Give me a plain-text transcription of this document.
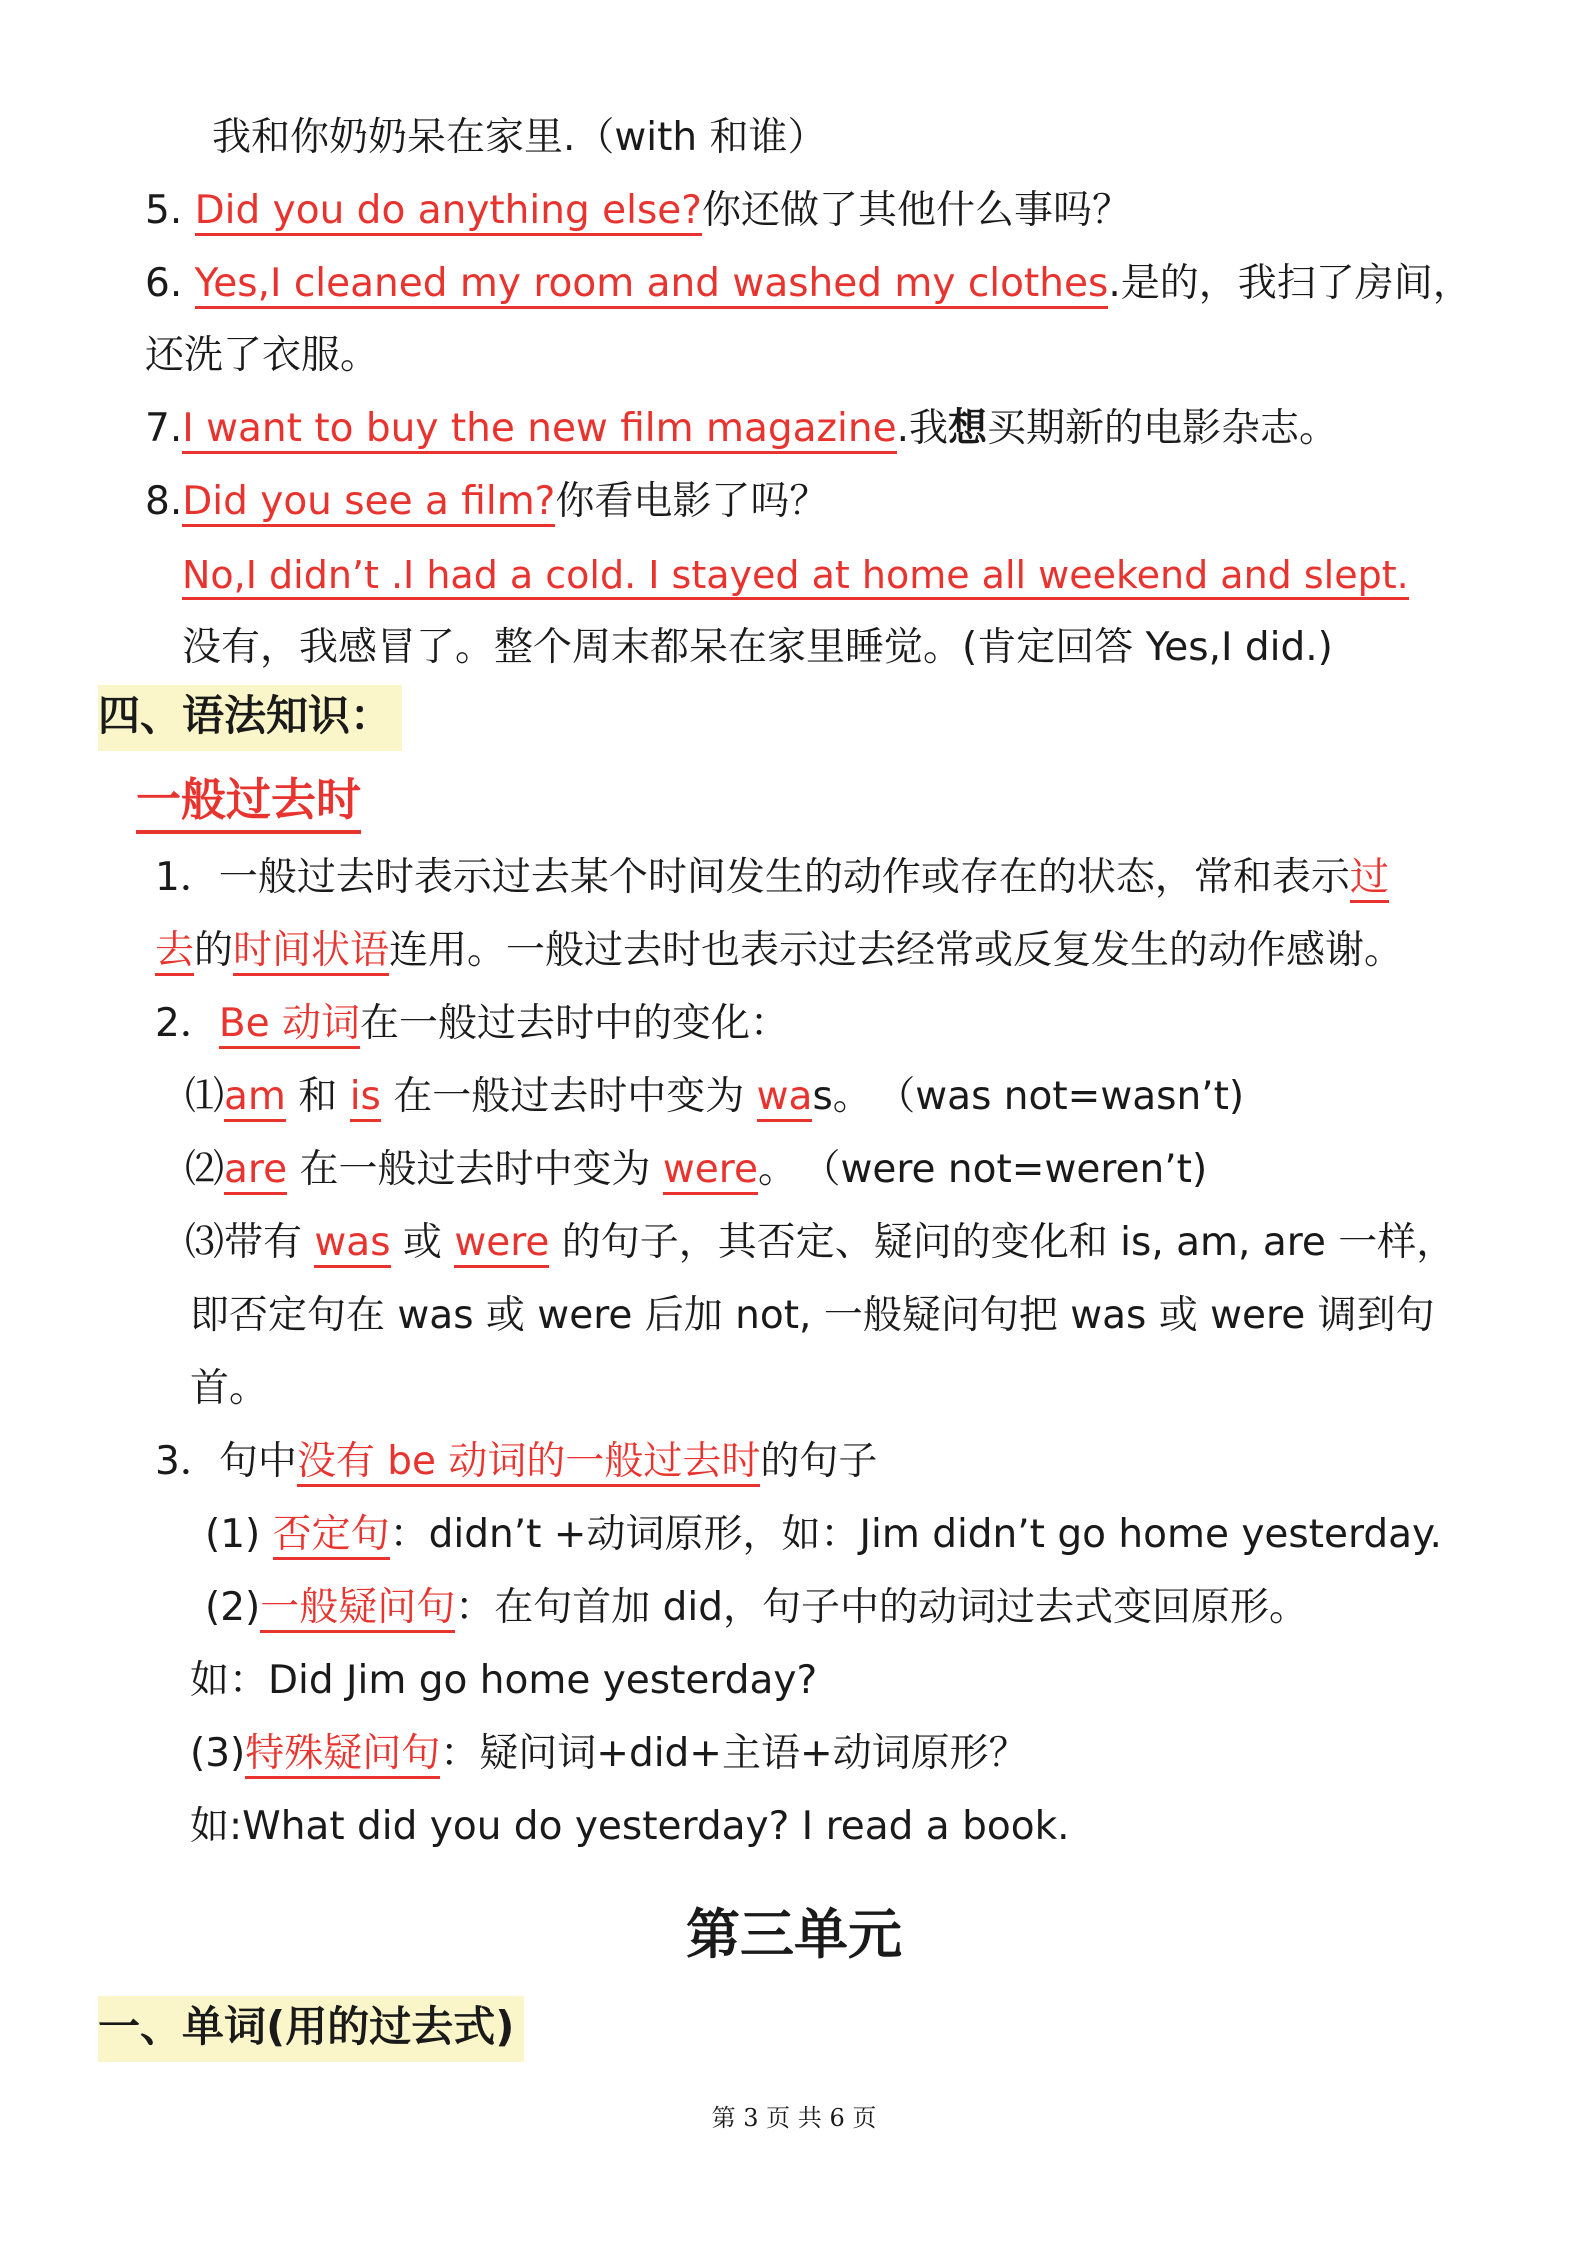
我和你奶奶呆在家里.（with 和谁）
5. Did you do anything else?你还做了其他什么事吗？
6. Yes,I cleaned my room and washed my clothes.是的，我扫了房间，
还洗了衣服。
7.I want to buy the new film magazine.我想买期新的电影杂志。
8.Did you see a film?你看电影了吗？
No,I didn’t .I had a cold. I stayed at home all weekend and slept.
没有，我感冒了。整个周末都呆在家里睡觉。(肯定回答 Yes,I did.)
四、语法知识：
一般过去时
1．一般过去时表示过去某个时间发生的动作或存在的状态，常和表示过
去的时间状语连用。一般过去时也表示过去经常或反复发生的动作感谢。
2．Be 动词在一般过去时中的变化：
⑴am 和 is 在一般过去时中变为 was。 （was not=wasn’t)
⑵are 在一般过去时中变为 were。 （were not=weren’t)
⑶带有 was 或 were 的句子，其否定、疑问的变化和 is, am, are 一样，
即否定句在 was 或 were 后加 not, 一般疑问句把 was 或 were 调到句
首。
3．句中没有 be 动词的一般过去时的句子
(1) 否定句：didn’t +动词原形，如：Jim didn’t go home yesterday.
(2)一般疑问句：在句首加 did，句子中的动词过去式变回原形。
如：Did Jim go home yesterday?
(3)特殊疑问句：疑问词+did+主语+动词原形？
如:What did you do yesterday? I read a book.
第三单元
一、单词(用的过去式)
第 3 页 共 6 页
